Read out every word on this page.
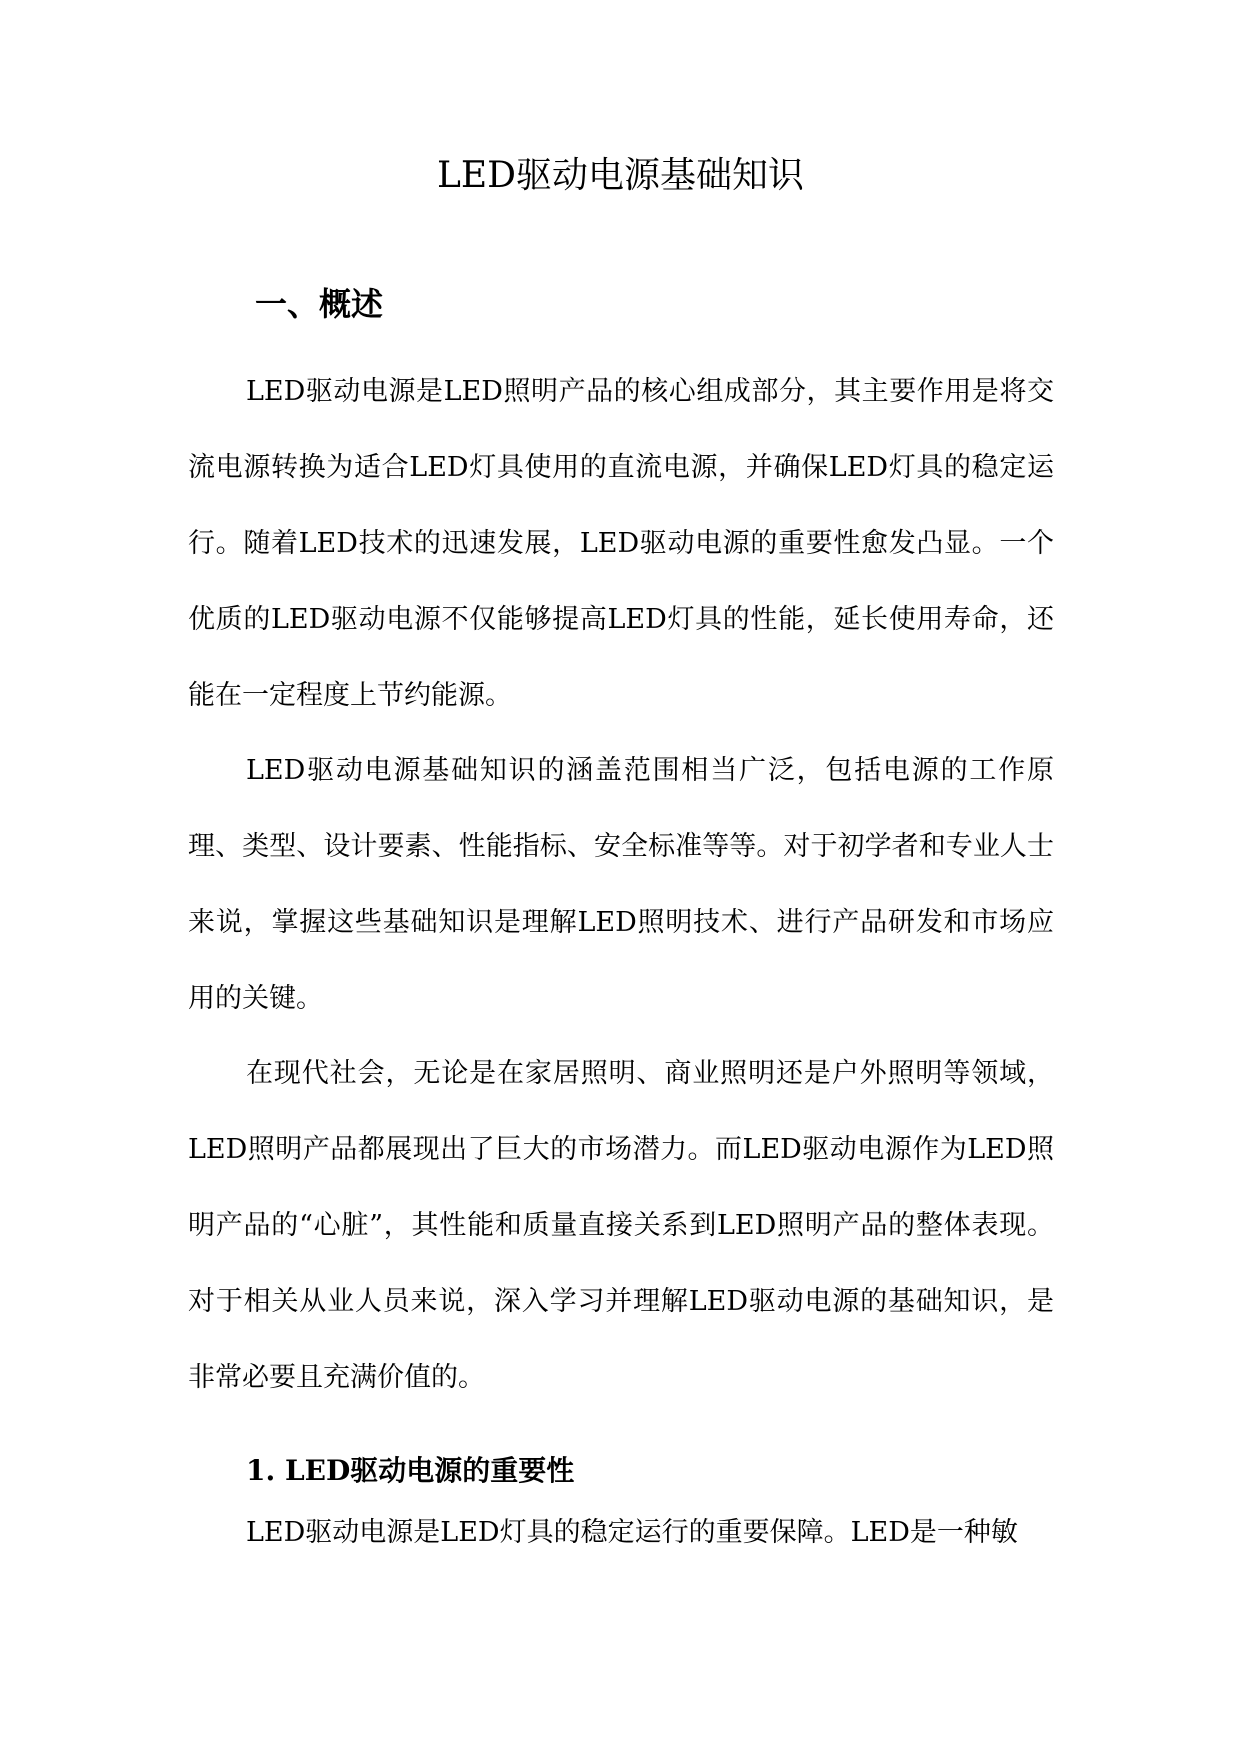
LED驱动电源基础知识
一、概述

LED驱动电源是LED照明产品的核心组成部分，其主要作用是将交流电源转换为适合LED灯具使用的直流电源，并确保LED灯具的稳定运行。随着LED技术的迅速发展，LED驱动电源的重要性愈发凸显。一个优质的LED驱动电源不仅能够提高LED灯具的性能，延长使用寿命，还能在一定程度上节约能源。

LED驱动电源基础知识的涵盖范围相当广泛，包括电源的工作原理、类型、设计要素、性能指标、安全标准等等。对于初学者和专业人士来说，掌握这些基础知识是理解LED照明技术、进行产品研发和市场应用的关键。

在现代社会，无论是在家居照明、商业照明还是户外照明等领域，LED照明产品都展现出了巨大的市场潜力。而LED驱动电源作为LED照明产品的“心脏”，其性能和质量直接关系到LED照明产品的整体表现。对于相关从业人员来说，深入学习并理解LED驱动电源的基础知识，是非常必要且充满价值的。

1. LED驱动电源的重要性

LED驱动电源是LED灯具的稳定运行的重要保障。LED是一种敏
